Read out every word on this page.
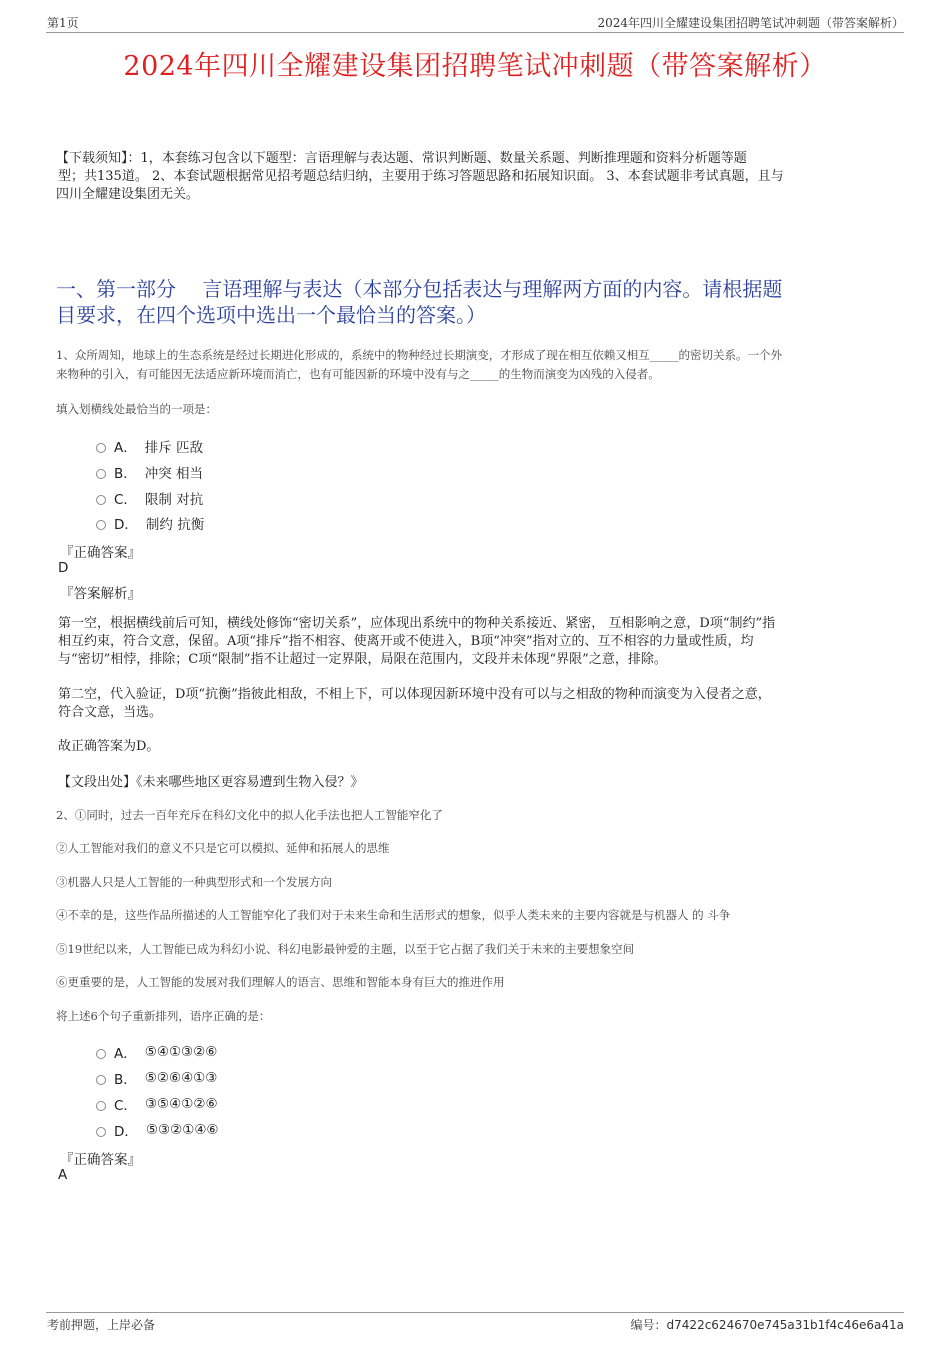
第1页	2024年四川全耀建设集团招聘笔试冲刺题（带答案解析）
2024年四川全耀建设集团招聘笔试冲刺题（带答案解析）
【下载须知】：1，本套练习包含以下题型：言语理解与表达题、常识判断题、数量关系题、判断推理题和资料分析题等题
型；共135道。 2、本套试题根据常见招考题总结归纳，主要用于练习答题思路和拓展知识面。 3、本套试题非考试真题，且与
四川全耀建设集团无关。
一、第一部分　 言语理解与表达（本部分包括表达与理解两方面的内容。请根据题
目要求，在四个选项中选出一个最恰当的答案。）
1、众所周知，地球上的生态系统是经过长期进化形成的，系统中的物种经过长期演变，才形成了现在相互依赖又相互_____的密切关系。一个外
来物种的引入，有可能因无法适应新环境而消亡，也有可能因新的环境中没有与之_____的生物而演变为凶残的入侵者。
填入划横线处最恰当的一项是：
A． 排斥 匹敌
B． 冲突 相当
C． 限制 对抗
D． 制约 抗衡
『正确答案』
D
『答案解析』
第一空，根据横线前后可知，横线处修饰“密切关系”，应体现出系统中的物种关系接近、紧密， 互相影响之意，D项“制约”指
相互约束，符合文意，保留。A项“排斥”指不相容、使离开或不使进入，B项“冲突”指对立的、互不相容的力量或性质，均
与“密切”相悖，排除；C项“限制”指不让超过一定界限，局限在范围内，文段并未体现“界限”之意，排除。
第二空，代入验证，D项“抗衡”指彼此相敌，不相上下，可以体现因新环境中没有可以与之相敌的物种而演变为入侵者之意，
符合文意，当选。
故正确答案为D。
【文段出处】《未来哪些地区更容易遭到生物入侵？》
2、①同时，过去一百年充斥在科幻文化中的拟人化手法也把人工智能窄化了
②人工智能对我们的意义不只是它可以模拟、延伸和拓展人的思维
③机器人只是人工智能的一种典型形式和一个发展方向
④不幸的是，这些作品所描述的人工智能窄化了我们对于未来生命和生活形式的想象，似乎人类未来的主要内容就是与机器人 的 斗争
⑤19世纪以来，人工智能已成为科幻小说、科幻电影最钟爱的主题，以至于它占据了我们关于未来的主要想象空间
⑥更重要的是，人工智能的发展对我们理解人的语言、思维和智能本身有巨大的推进作用
将上述6个句子重新排列，语序正确的是：
A． ⑤④①③②⑥
B． ⑤②⑥④①③
C． ③⑤④①②⑥
D． ⑤③②①④⑥
『正确答案』
A
考前押题，上岸必备	编号：d7422c624670e745a31b1f4c46e6a41a
